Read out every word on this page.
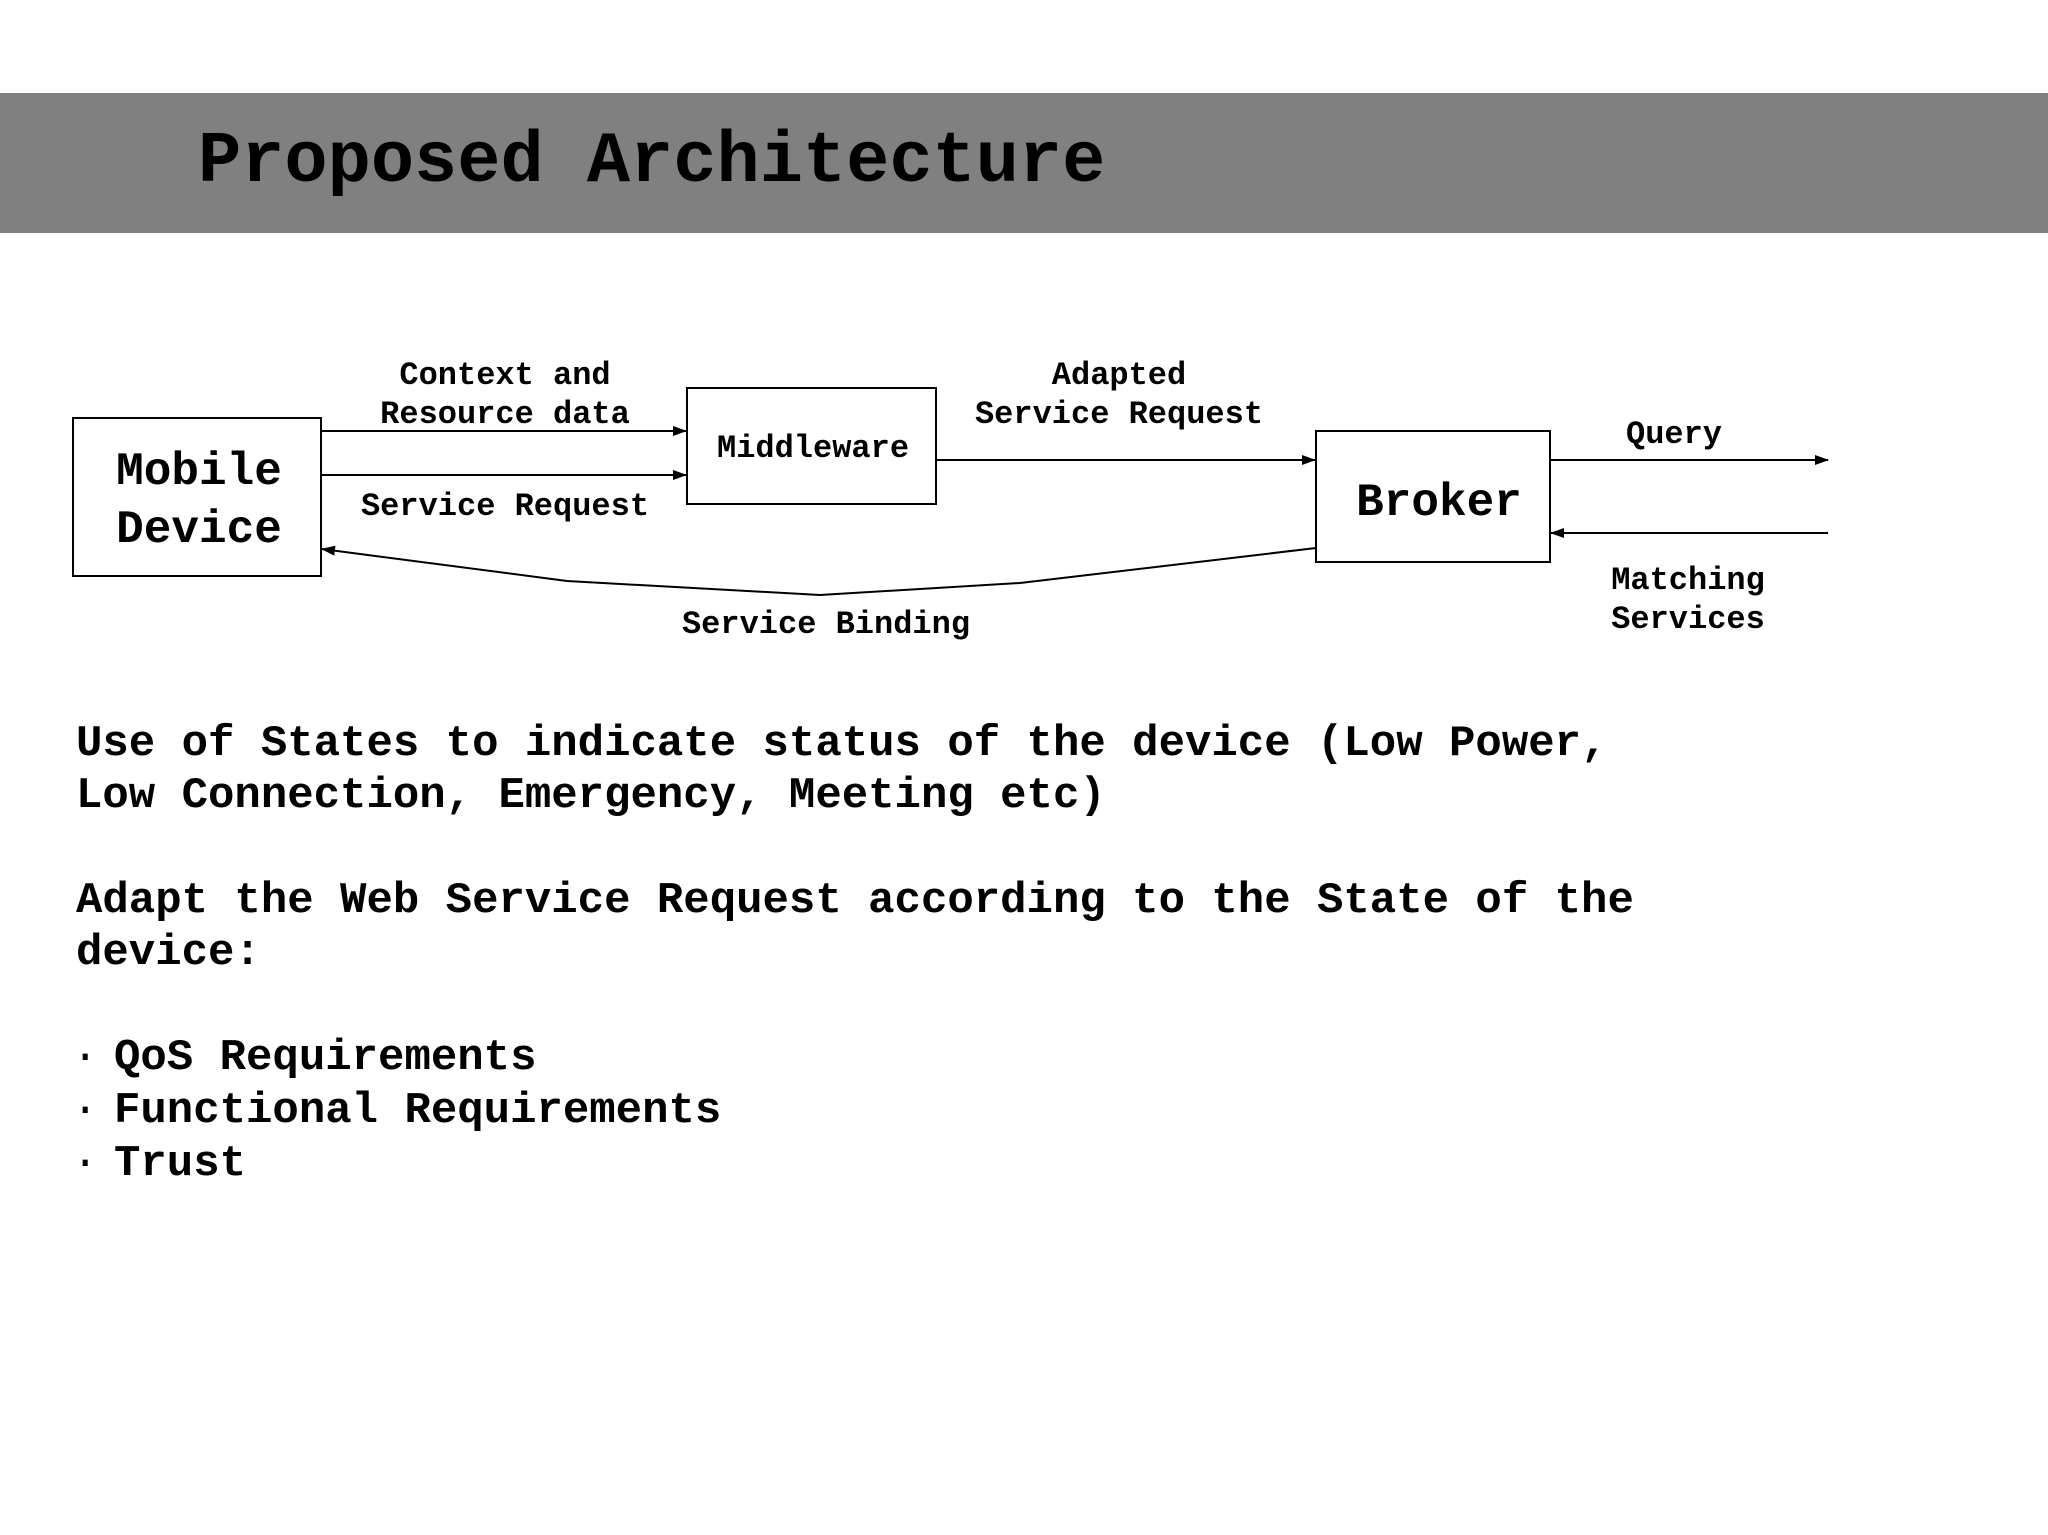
Proposed Architecture
Mobile
Device
Middleware
Broker
Context and
Resource data
Service Request
Adapted
Service Request
Query
Matching
Services
Service Binding
Use of States to indicate status of the device (Low Power,
Low Connection, Emergency, Meeting etc)
Adapt the Web Service Request according to the State of the
device:
· QoS Requirements
· Functional Requirements
· Trust
